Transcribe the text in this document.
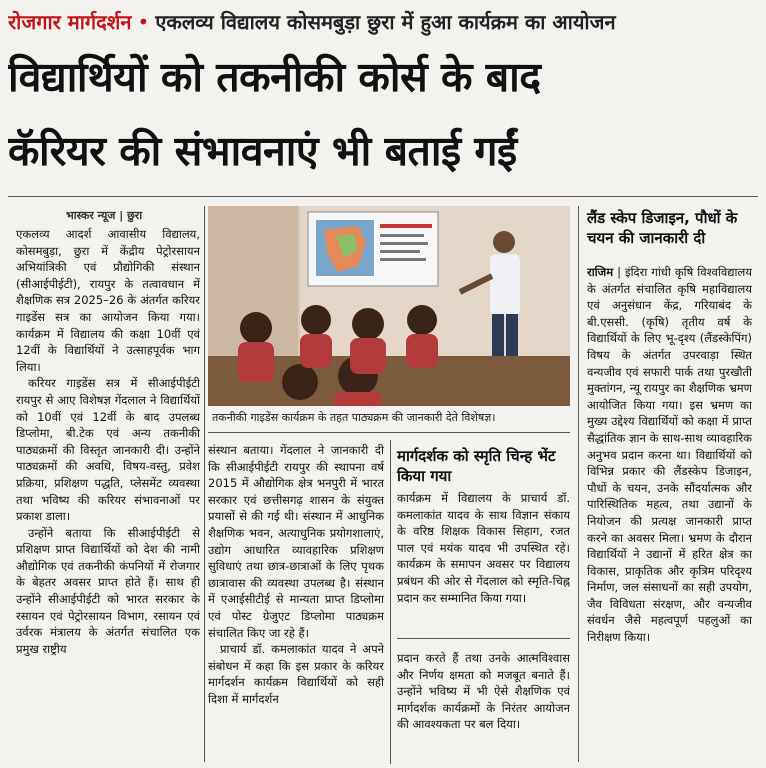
रोजगार मार्गदर्शन • एकलव्य विद्यालय कोसमबुड़ा छुरा में हुआ कार्यक्रम का आयोजन
विद्यार्थियों को तकनीकी कोर्स के बाद
कॅरियर की संभावनाएं भी बताई गईं
भास्कर न्यूज | छुरा
एकलव्य आदर्श आवासीय विद्यालय, कोसमबुड़ा, छुरा में केंद्रीय पेट्रोरसायन अभियांत्रिकी एवं प्रौद्योगिकी संस्थान (सीआईपीईटी), रायपुर के तत्वावधान में शैक्षणिक सत्र 2025–26 के अंतर्गत करियर गाइडेंस सत्र का आयोजन किया गया। कार्यक्रम में विद्यालय की कक्षा 10वीं एवं 12वीं के विद्यार्थियों ने उत्साहपूर्वक भाग लिया।
करियर गाइडेंस सत्र में सीआईपीईटी रायपुर से आए विशेषज्ञ गेंदलाल ने विद्यार्थियों को 10वीं एवं 12वीं के बाद उपलब्ध डिप्लोमा, बी.टेक एवं अन्य तकनीकी पाठ्यक्रमों की विस्तृत जानकारी दी। उन्होंने पाठ्यक्रमों की अवधि, विषय-वस्तु, प्रवेश प्रक्रिया, प्रशिक्षण पद्धति, प्लेसमेंट व्यवस्था तथा भविष्य की करियर संभावनाओं पर प्रकाश डाला।
उन्होंने बताया कि सीआईपीईटी से प्रशिक्षण प्राप्त विद्यार्थियों को देश की नामी औद्योगिक एवं तकनीकी कंपनियों में रोजगार के बेहतर अवसर प्राप्त होते हैं। साथ ही उन्होंने सीआईपीईटी को भारत सरकार के रसायन एवं पेट्रोरसायन विभाग, रसायन एवं उर्वरक मंत्रालय के अंतर्गत संचालित एक प्रमुख राष्ट्रीय
तकनीकी गाइडेंस कार्यक्रम के तहत पाठ्यक्रम की जानकारी देते विशेषज्ञ।
संस्थान बताया। गेंदलाल ने जानकारी दी कि सीआईपीईटी रायपुर की स्थापना वर्ष 2015 में औद्योगिक क्षेत्र भनपुरी में भारत सरकार एवं छत्तीसगढ़ शासन के संयुक्त प्रयासों से की गई थी। संस्थान में आधुनिक शैक्षणिक भवन, अत्याधुनिक प्रयोगशालाएं, उद्योग आधारित व्यावहारिक प्रशिक्षण सुविधाएं तथा छात्र-छात्राओं के लिए पृथक छात्रावास की व्यवस्था उपलब्ध है। संस्थान में एआईसीटीई से मान्यता प्राप्त डिप्लोमा एवं पोस्ट ग्रेजुएट डिप्लोमा पाठ्यक्रम संचालित किए जा रहे हैं।
प्राचार्य डॉ. कमलाकांत यादव ने अपने संबोधन में कहा कि इस प्रकार के करियर मार्गदर्शन कार्यक्रम विद्यार्थियों को सही दिशा में मार्गदर्शन
मार्गदर्शक को स्मृति चिन्ह भेंट किया गया
कार्यक्रम में विद्यालय के प्राचार्य डॉ. कमलाकांत यादव के साथ विज्ञान संकाय के वरिष्ठ शिक्षक विकास सिहाग, रजत पाल एवं मयंक यादव भी उपस्थित रहे। कार्यक्रम के समापन अवसर पर विद्यालय प्रबंधन की ओर से गेंदलाल को स्मृति-चिह्न प्रदान कर सम्मानित किया गया।
प्रदान करते हैं तथा उनके आत्मविश्वास और निर्णय क्षमता को मजबूत बनाते हैं। उन्होंने भविष्य में भी ऐसे शैक्षणिक एवं मार्गदर्शक कार्यक्रमों के निरंतर आयोजन की आवश्यकता पर बल दिया।
लैंड स्केप डिजाइन, पौधों के चयन की जानकारी दी
राजिम | इंदिरा गांधी कृषि विश्वविद्यालय के अंतर्गत संचालित कृषि महाविद्यालय एवं अनुसंधान केंद्र, गरियाबंद के बी.एससी. (कृषि) तृतीय वर्ष के विद्यार्थियों के लिए भू-दृश्य (लैंडस्केपिंग) विषय के अंतर्गत उपरवाड़ा स्थित वन्यजीव एवं सफारी पार्क तथा पुरखौती मुक्तांगन, न्यू रायपुर का शैक्षणिक भ्रमण आयोजित किया गया। इस भ्रमण का मुख्य उद्देश्य विद्यार्थियों को कक्षा में प्राप्त सैद्धांतिक ज्ञान के साथ-साथ व्यावहारिक अनुभव प्रदान करना था। विद्यार्थियों को विभिन्न प्रकार की लैंडस्केप डिजाइन, पौधों के चयन, उनके सौंदर्यात्मक और पारिस्थितिक महत्व, तथा उद्यानों के नियोजन की प्रत्यक्ष जानकारी प्राप्त करने का अवसर मिला। भ्रमण के दौरान विद्यार्थियों ने उद्यानों में हरित क्षेत्र का विकास, प्राकृतिक और कृत्रिम परिदृश्य निर्माण, जल संसाधनों का सही उपयोग, जैव विविधता संरक्षण, और वन्यजीव संवर्धन जैसे महत्वपूर्ण पहलुओं का निरीक्षण किया।
